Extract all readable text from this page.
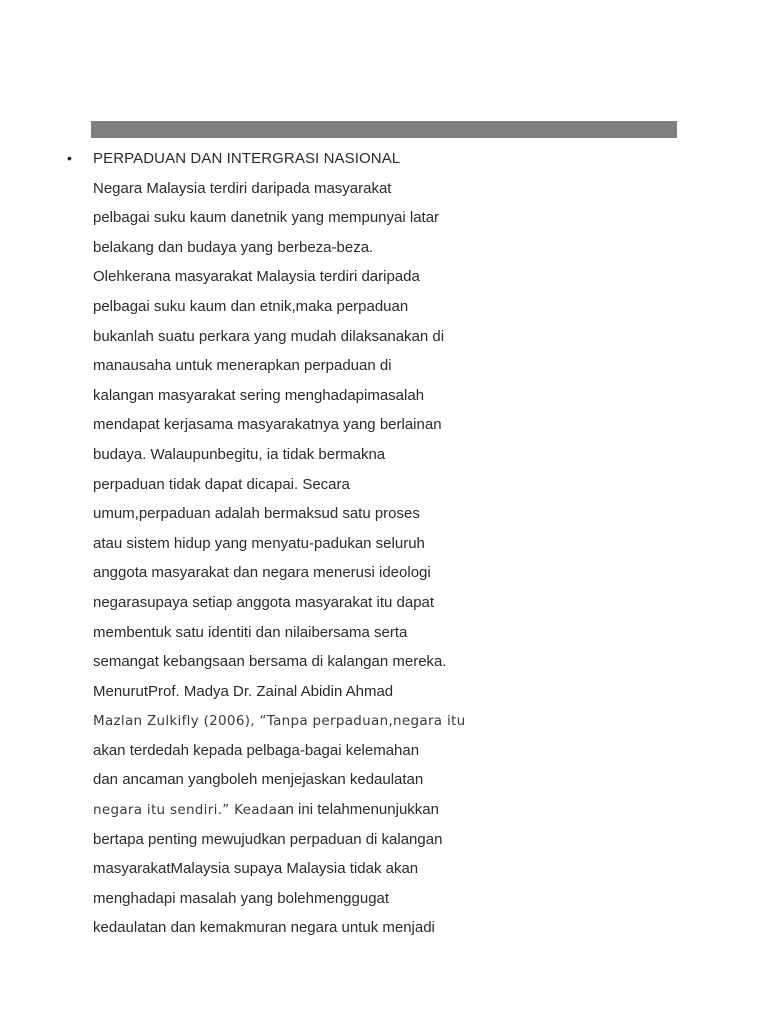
• PERPADUAN DAN INTERGRASI NASIONAL
Negara Malaysia terdiri daripada masyarakat
pelbagai suku kaum danetnik yang mempunyai latar
belakang dan budaya yang berbeza-beza.
Olehkerana masyarakat Malaysia terdiri daripada
pelbagai suku kaum dan etnik,maka perpaduan
bukanlah suatu perkara yang mudah dilaksanakan di
manausaha untuk menerapkan perpaduan di
kalangan masyarakat sering menghadapimasalah
mendapat kerjasama masyarakatnya yang berlainan
budaya. Walaupunbegitu, ia tidak bermakna
perpaduan tidak dapat dicapai. Secara
umum,perpaduan adalah bermaksud satu proses
atau sistem hidup yang menyatu-padukan seluruh
anggota masyarakat dan negara menerusi ideologi
negarasupaya setiap anggota masyarakat itu dapat
membentuk satu identiti dan nilaibersama serta
semangat kebangsaan bersama di kalangan mereka.
MenurutProf. Madya Dr. Zainal Abidin Ahmad
Mazlan Zulkifly (2006), “Tanpa perpaduan,negara itu
akan terdedah kepada pelbaga-bagai kelemahan
dan ancaman yangboleh menjejaskan kedaulatan
negara itu sendiri.” Keadaan ini telahmenunjukkan
bertapa penting mewujudkan perpaduan di kalangan
masyarakatMalaysia supaya Malaysia tidak akan
menghadapi masalah yang bolehmenggugat
kedaulatan dan kemakmuran negara untuk menjadi
